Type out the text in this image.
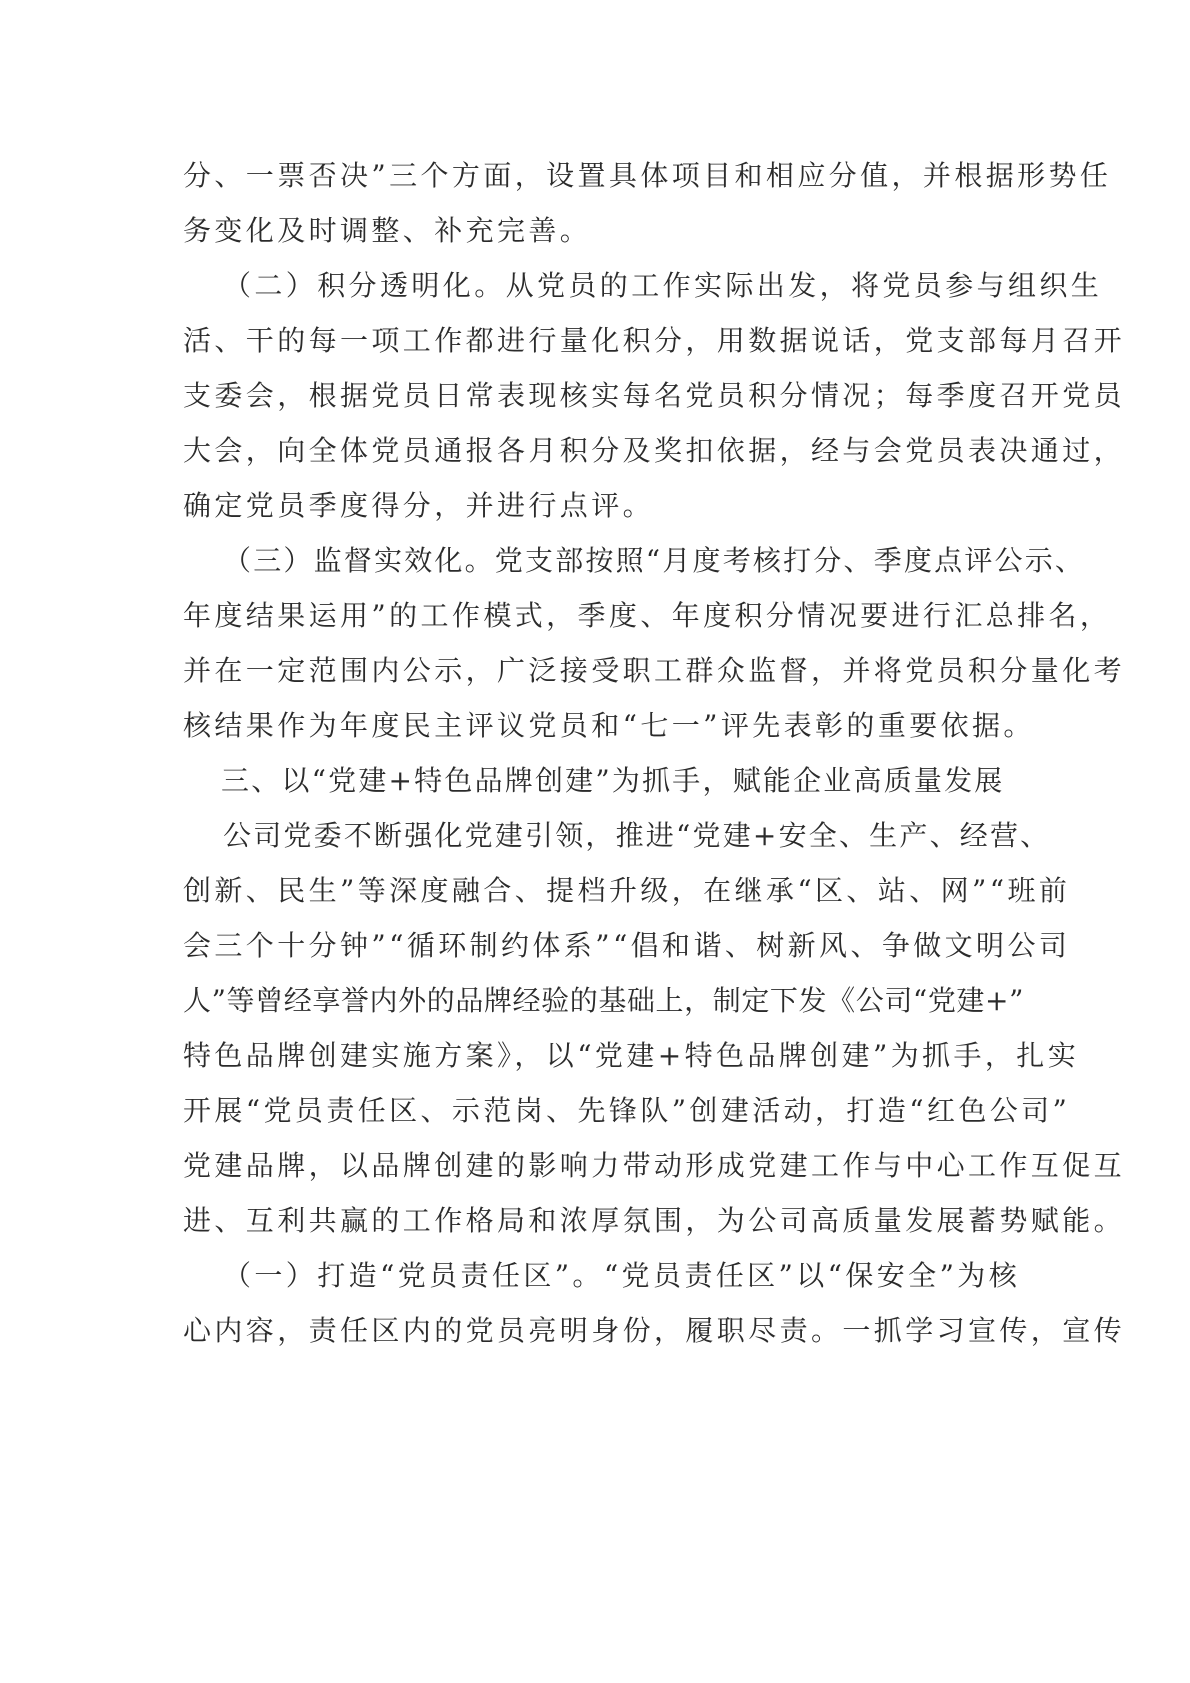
分、一票否决”三个方面，设置具体项目和相应分值，并根据形势任
务变化及时调整、补充完善。
（二）积分透明化。从党员的工作实际出发，将党员参与组织生
活、干的每一项工作都进行量化积分，用数据说话，党支部每月召开
支委会，根据党员日常表现核实每名党员积分情况；每季度召开党员
大会，向全体党员通报各月积分及奖扣依据，经与会党员表决通过，
确定党员季度得分，并进行点评。
（三）监督实效化。党支部按照“月度考核打分、季度点评公示、
年度结果运用”的工作模式，季度、年度积分情况要进行汇总排名，
并在一定范围内公示，广泛接受职工群众监督，并将党员积分量化考
核结果作为年度民主评议党员和“七一”评先表彰的重要依据。
三、以“党建+特色品牌创建”为抓手，赋能企业高质量发展
公司党委不断强化党建引领，推进“党建+安全、生产、经营、
创新、民生”等深度融合、提档升级，在继承“区、站、网”“班前
会三个十分钟”“循环制约体系”“倡和谐、树新风、争做文明公司
人”等曾经享誉内外的品牌经验的基础上，制定下发《公司“党建+”
特色品牌创建实施方案》，以“党建+特色品牌创建”为抓手，扎实
开展“党员责任区、示范岗、先锋队”创建活动，打造“红色公司”
党建品牌，以品牌创建的影响力带动形成党建工作与中心工作互促互
进、互利共赢的工作格局和浓厚氛围，为公司高质量发展蓄势赋能。
（一）打造“党员责任区”。“党员责任区”以“保安全”为核
心内容，责任区内的党员亮明身份，履职尽责。一抓学习宣传，宣传
